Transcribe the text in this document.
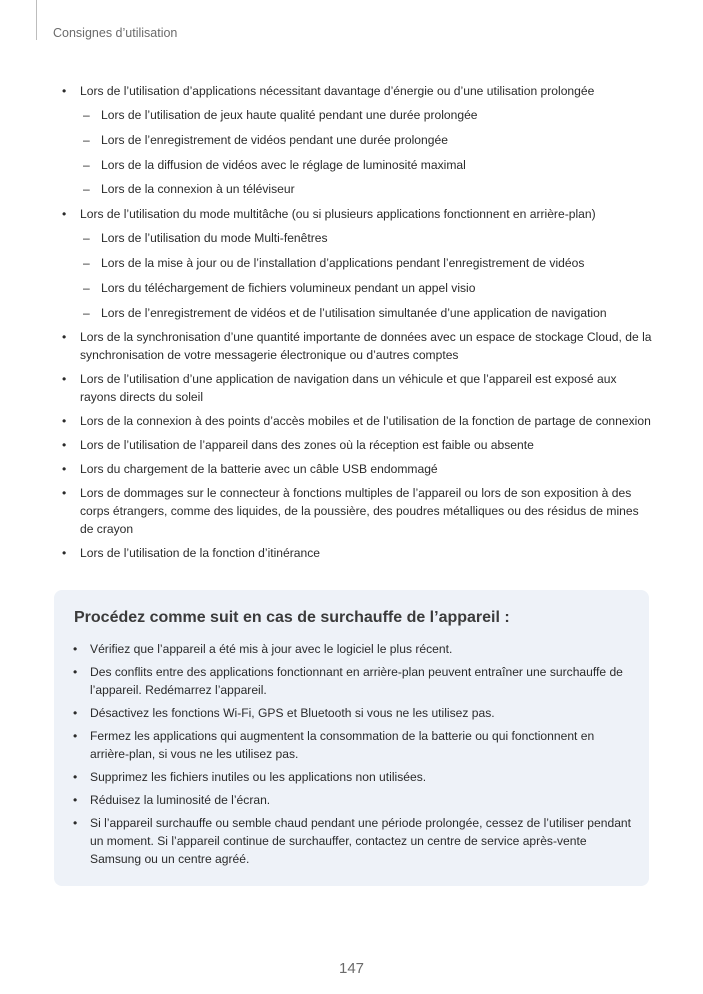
Consignes d’utilisation
• Lors de l’utilisation d’applications nécessitant davantage d’énergie ou d’une utilisation prolongée
– Lors de l’utilisation de jeux haute qualité pendant une durée prolongée
– Lors de l’enregistrement de vidéos pendant une durée prolongée
– Lors de la diffusion de vidéos avec le réglage de luminosité maximal
– Lors de la connexion à un téléviseur
• Lors de l’utilisation du mode multitâche (ou si plusieurs applications fonctionnent en arrière-plan)
– Lors de l’utilisation du mode Multi-fenêtres
– Lors de la mise à jour ou de l’installation d’applications pendant l’enregistrement de vidéos
– Lors du téléchargement de fichiers volumineux pendant un appel visio
– Lors de l’enregistrement de vidéos et de l’utilisation simultanée d’une application de navigation
• Lors de la synchronisation d’une quantité importante de données avec un espace de stockage Cloud, de la synchronisation de votre messagerie électronique ou d’autres comptes
• Lors de l’utilisation d’une application de navigation dans un véhicule et que l’appareil est exposé aux rayons directs du soleil
• Lors de la connexion à des points d’accès mobiles et de l’utilisation de la fonction de partage de connexion
• Lors de l’utilisation de l’appareil dans des zones où la réception est faible ou absente
• Lors du chargement de la batterie avec un câble USB endommagé
• Lors de dommages sur le connecteur à fonctions multiples de l’appareil ou lors de son exposition à des corps étrangers, comme des liquides, de la poussière, des poudres métalliques ou des résidus de mines de crayon
• Lors de l’utilisation de la fonction d’itinérance
Procédez comme suit en cas de surchauffe de l’appareil :
• Vérifiez que l’appareil a été mis à jour avec le logiciel le plus récent.
• Des conflits entre des applications fonctionnant en arrière-plan peuvent entraîner une surchauffe de l’appareil. Redémarrez l’appareil.
• Désactivez les fonctions Wi-Fi, GPS et Bluetooth si vous ne les utilisez pas.
• Fermez les applications qui augmentent la consommation de la batterie ou qui fonctionnent en arrière-plan, si vous ne les utilisez pas.
• Supprimez les fichiers inutiles ou les applications non utilisées.
• Réduisez la luminosité de l’écran.
• Si l’appareil surchauffe ou semble chaud pendant une période prolongée, cessez de l’utiliser pendant un moment. Si l’appareil continue de surchauffer, contactez un centre de service après-vente Samsung ou un centre agréé.
147
